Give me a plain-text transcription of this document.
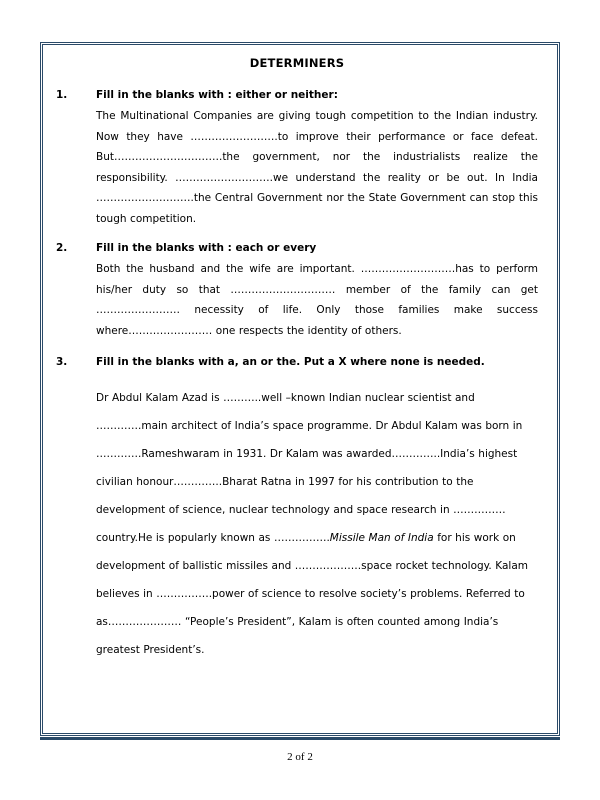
DETERMINERS
1.	Fill in the blanks with : either or neither:
The Multinational Companies are giving tough competition to the Indian industry. Now they have …………………….to improve their performance or face defeat. But………………………….the government, nor the industrialists realize the responsibility. ……………………….we understand the reality or be out. In India ……………………….the Central Government nor the State Government can stop this tough competition.
2.	Fill in the blanks with : each or every
Both the husband and the wife are important. ………………………has to perform his/her duty so that ………………………… member of the family can get …………………… necessity of life. Only those families make success where…………………… one respects the identity of others.
3.	Fill in the blanks with a, an or the. Put a X where none is needed.
Dr Abdul Kalam Azad is ………..well –known Indian nuclear scientist and ………….main architect of India’s space programme. Dr Abdul Kalam was born in ………….Rameshwaram in 1931. Dr Kalam was awarded…………..India’s highest civilian honour…………..Bharat Ratna in 1997 for his contribution to the development of science, nuclear technology and space research in ……………country.He is popularly known as …………….Missile Man of India for his work on development of ballistic missiles and ……………….space rocket technology. Kalam believes in …………….power of science to resolve society’s problems. Referred to as………………… “People’s President”, Kalam is often counted among India’s greatest President’s.
2 of 2
